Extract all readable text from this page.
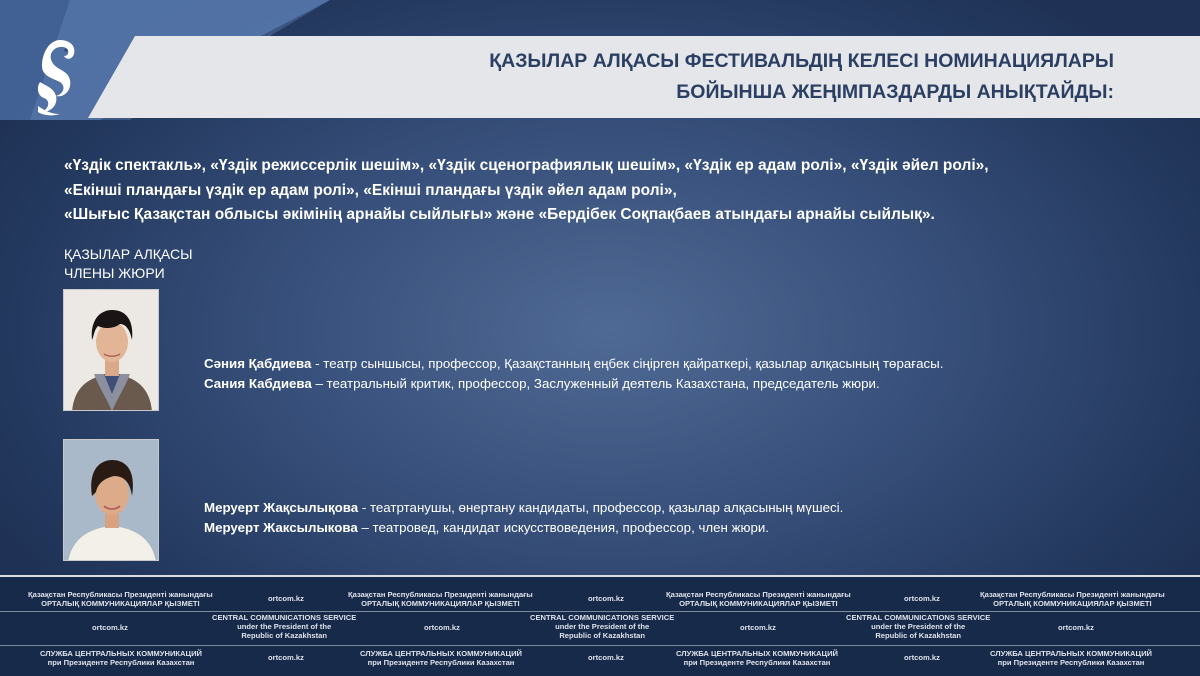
ҚАЗЫЛАР АЛҚАСЫ ФЕСТИВАЛЬДІҢ КЕЛЕСІ НОМИНАЦИЯЛАРЫ
БОЙЫНША ЖЕҢІМПАЗДАРДЫ АНЫҚТАЙДЫ:
«Үздік спектакль», «Үздік режиссерлік шешім», «Үздік сценографиялық шешім», «Үздік ер адам ролі», «Үздік әйел ролі»,
«Екінші пландағы үздік ер адам ролі», «Екінші пландағы үздік әйел адам ролі»,
«Шығыс Қазақстан облысы әкімінің арнайы сыйлығы» және «Бердібек Соқпақбаев атындағы арнайы сыйлық».
ҚАЗЫЛАР АЛҚАСЫ
ЧЛЕНЫ ЖЮРИ
Сәния Қабдиева - театр сыншысы, профессор, Қазақстанның еңбек сіңірген қайраткері, қазылар алқасының төрағасы.
Сания Кабдиева – театральный критик, профессор, Заслуженный деятель Казахстана, председатель жюри.
Меруерт Жақсылықова - театртанушы, өнертану кандидаты, профессор, қазылар алқасының мүшесі.
Меруерт Жаксылыкова – театровед, кандидат искусствоведения, профессор, член жюри.
Қазақстан Республикасы Президенті жанындағы
ОРТАЛЫҚ КОММУНИКАЦИЯЛАР ҚЫЗМЕТІ
ortcom.kz	Қазақстан Республикасы Президенті жанындағы
ОРТАЛЫҚ КОММУНИКАЦИЯЛАР ҚЫЗМЕТІ
ortcom.kz	Қазақстан Республикасы Президенті жанындағы
ОРТАЛЫҚ КОММУНИКАЦИЯЛАР ҚЫЗМЕТІ
ortcom.kz	Қазақстан Республикасы Президенті жанындағы
ОРТАЛЫҚ КОММУНИКАЦИЯЛАР ҚЫЗМЕТІ
ortcom.kz
CENTRAL COMMUNICATIONS SERVICE
under the President of the
Republic of Kazakhstan
ortcom.kz
CENTRAL COMMUNICATIONS SERVICE
under the President of the
Republic of Kazakhstan
ortcom.kz
CENTRAL COMMUNICATIONS SERVICE
under the President of the
Republic of Kazakhstan
ortcom.kz
СЛУЖБА ЦЕНТРАЛЬНЫХ КОММУНИКАЦИЙ
при Президенте Республики Казахстан
ortcom.kz	СЛУЖБА ЦЕНТРАЛЬНЫХ КОММУНИКАЦИЙ
при Президенте Республики Казахстан
ortcom.kz	СЛУЖБА ЦЕНТРАЛЬНЫХ КОММУНИКАЦИЙ
при Президенте Республики Казахстан
ortcom.kz	СЛУЖБА ЦЕНТРАЛЬНЫХ КОММУНИКАЦИЙ
при Президенте Республики Казахстан
